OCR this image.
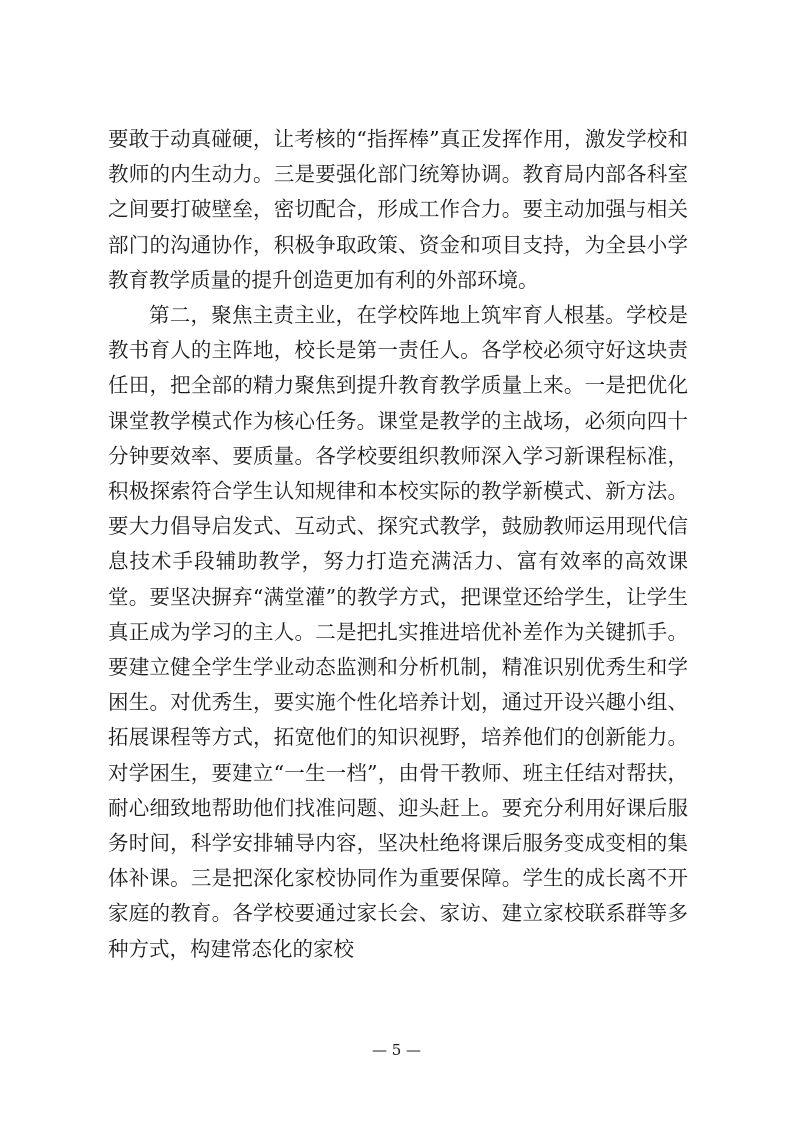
要敢于动真碰硬，让考核的“指挥棒”真正发挥作用，激发学校和教师的内生动力。三是要强化部门统筹协调。教育局内部各科室之间要打破壁垒，密切配合，形成工作合力。要主动加强与相关部门的沟通协作，积极争取政策、资金和项目支持，为全县小学教育教学质量的提升创造更加有利的外部环境。

第二，聚焦主责主业，在学校阵地上筑牢育人根基。学校是教书育人的主阵地，校长是第一责任人。各学校必须守好这块责任田，把全部的精力聚焦到提升教育教学质量上来。一是把优化课堂教学模式作为核心任务。课堂是教学的主战场，必须向四十分钟要效率、要质量。各学校要组织教师深入学习新课程标准，积极探索符合学生认知规律和本校实际的教学新模式、新方法。要大力倡导启发式、互动式、探究式教学，鼓励教师运用现代信息技术手段辅助教学，努力打造充满活力、富有效率的高效课堂。要坚决摒弃“满堂灌”的教学方式，把课堂还给学生，让学生真正成为学习的主人。二是把扎实推进培优补差作为关键抓手。要建立健全学生学业动态监测和分析机制，精准识别优秀生和学困生。对优秀生，要实施个性化培养计划，通过开设兴趣小组、拓展课程等方式，拓宽他们的知识视野，培养他们的创新能力。对学困生，要建立“一生一档”，由骨干教师、班主任结对帮扶，耐心细致地帮助他们找准问题、迎头赶上。要充分利用好课后服务时间，科学安排辅导内容，坚决杜绝将课后服务变成变相的集体补课。三是把深化家校协同作为重要保障。学生的成长离不开家庭的教育。各学校要通过家长会、家访、建立家校联系群等多种方式，构建常态化的家校

— 5 —
